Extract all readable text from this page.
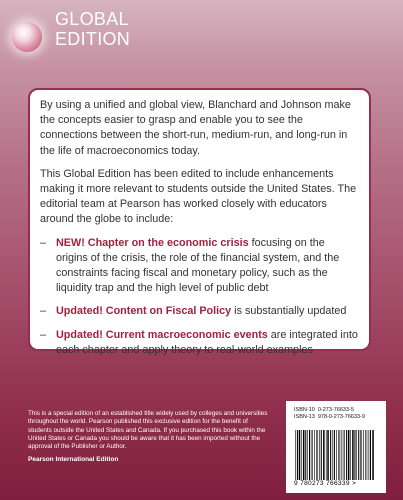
GLOBAL
EDITION

By using a unified and global view, Blanchard and Johnson make the concepts easier to grasp and enable you to see the connections between the short-run, medium-run, and long-run in the life of macroeconomics today.

This Global Edition has been edited to include enhancements making it more relevant to students outside the United States. The editorial team at Pearson has worked closely with educators around the globe to include:

– NEW! Chapter on the economic crisis focusing on the origins of the crisis, the role of the financial system, and the constraints facing fiscal and monetary policy, such as the liquidity trap and the high level of public debt
– Updated! Content on Fiscal Policy is substantially updated
– Updated! Current macroeconomic events are integrated into each chapter and apply theory to real-world examples
This is a special edition of an established title widely used by colleges and universities throughout the world. Pearson published this exclusive edition for the benefit of students outside the United States and Canada. If you purchased this book within the United States or Canada you should be aware that it has been imported without the approval of the Publisher or Author.
Pearson International Edition
ISBN-10 0-273-76633-5
ISBN-13 978-0-273-76633-9
9 780273 766339 >
